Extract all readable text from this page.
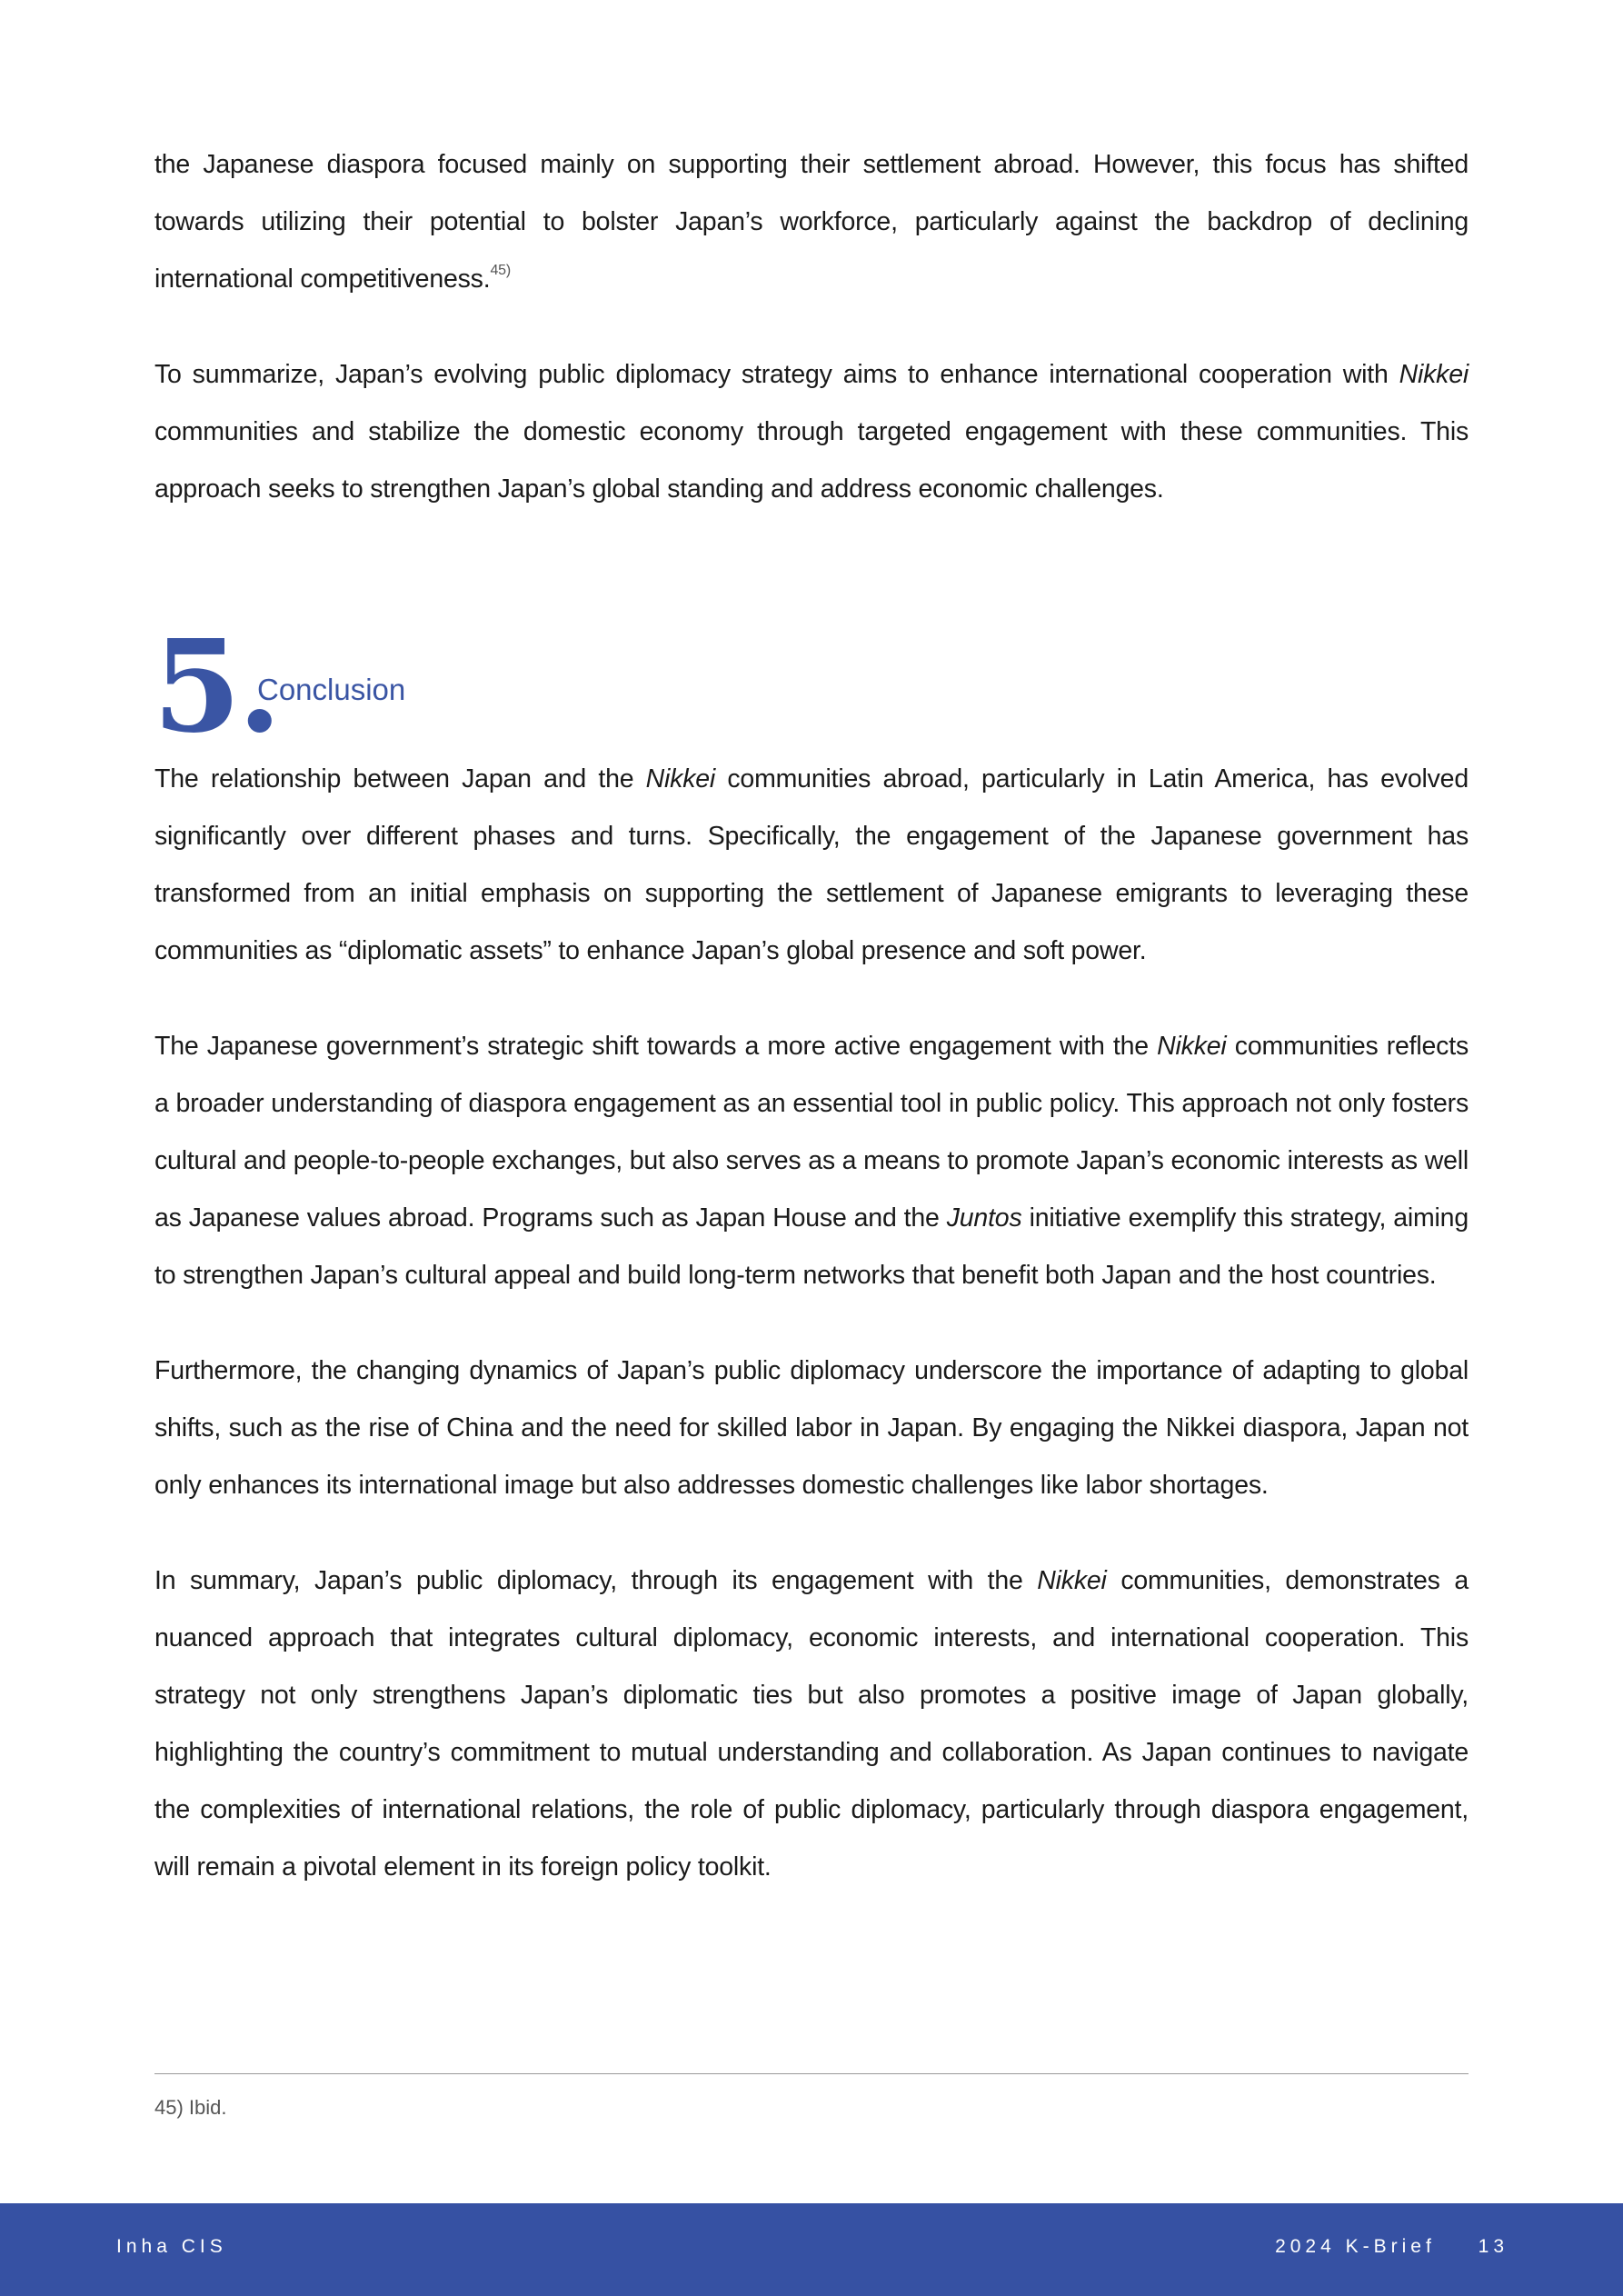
the Japanese diaspora focused mainly on supporting their settlement abroad. However, this focus has shifted towards utilizing their potential to bolster Japan’s workforce, particularly against the backdrop of declining international competitiveness.$^{45)}$

To summarize, Japan’s evolving public diplomacy strategy aims to enhance international cooperation with Nikkei communities and stabilize the domestic economy through targeted engagement with these communities. This approach seeks to strengthen Japan’s global standing and address economic challenges.

5.
Conclusion

The relationship between Japan and the Nikkei communities abroad, particularly in Latin America, has evolved significantly over different phases and turns. Specifically, the engagement of the Japanese government has transformed from an initial emphasis on supporting the settlement of Japanese emigrants to leveraging these communities as “diplomatic assets” to enhance Japan’s global presence and soft power.

The Japanese government’s strategic shift towards a more active engagement with the Nikkei communities reflects a broader understanding of diaspora engagement as an essential tool in public policy. This approach not only fosters cultural and people-to-people exchanges, but also serves as a means to promote Japan’s economic interests as well as Japanese values abroad. Programs such as Japan House and the Juntos initiative exemplify this strategy, aiming to strengthen Japan’s cultural appeal and build long-term networks that benefit both Japan and the host countries.

Furthermore, the changing dynamics of Japan’s public diplomacy underscore the importance of adapting to global shifts, such as the rise of China and the need for skilled labor in Japan. By engaging the Nikkei diaspora, Japan not only enhances its international image but also addresses domestic challenges like labor shortages.

In summary, Japan’s public diplomacy, through its engagement with the Nikkei communities, demonstrates a nuanced approach that integrates cultural diplomacy, economic interests, and international cooperation. This strategy not only strengthens Japan’s diplomatic ties but also promotes a positive image of Japan globally, highlighting the country’s commitment to mutual understanding and collaboration. As Japan continues to navigate the complexities of international relations, the role of public diplomacy, particularly through diaspora engagement, will remain a pivotal element in its foreign policy toolkit.

45) Ibid.
Inha CIS	2024 K-Brief 13
